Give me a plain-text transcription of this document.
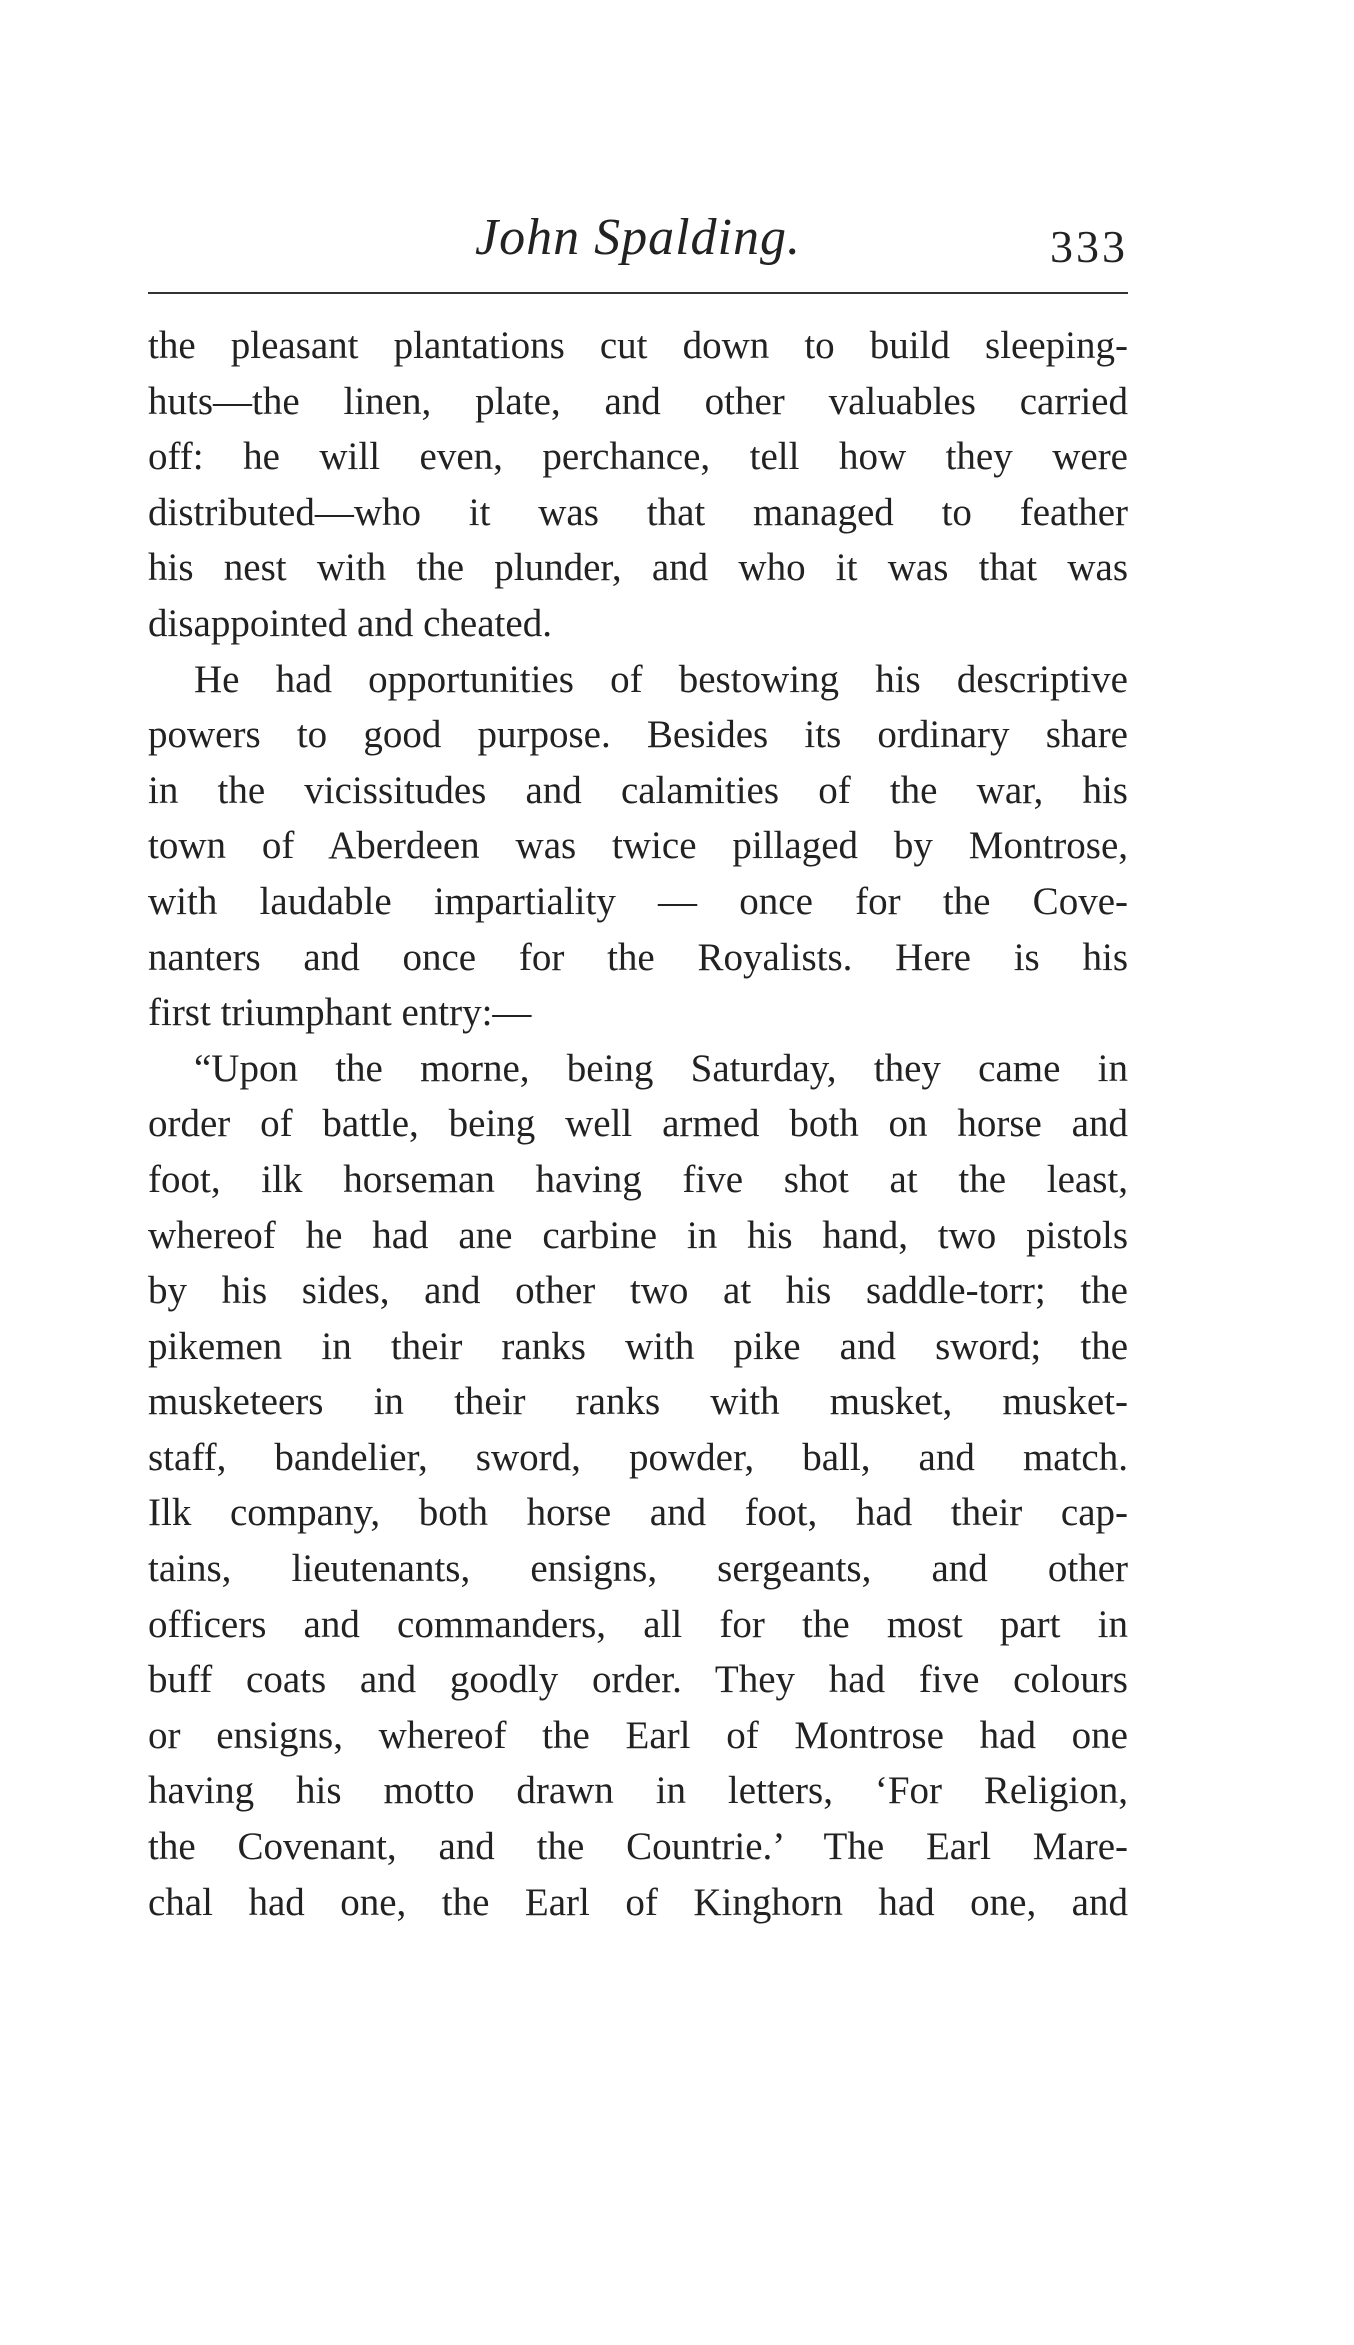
John Spalding.	333
the pleasant plantations cut down to build sleeping-
huts—the linen, plate, and other valuables carried
off: he will even, perchance, tell how they were
distributed—who it was that managed to feather
his nest with the plunder, and who it was that was
disappointed and cheated.
He had opportunities of bestowing his descriptive
powers to good purpose. Besides its ordinary share
in the vicissitudes and calamities of the war, his
town of Aberdeen was twice pillaged by Montrose,
with laudable impartiality — once for the Cove-
nanters and once for the Royalists. Here is his
first triumphant entry:—
“Upon the morne, being Saturday, they came in
order of battle, being well armed both on horse and
foot, ilk horseman having five shot at the least,
whereof he had ane carbine in his hand, two pistols
by his sides, and other two at his saddle-torr; the
pikemen in their ranks with pike and sword; the
musketeers in their ranks with musket, musket-
staff, bandelier, sword, powder, ball, and match.
Ilk company, both horse and foot, had their cap-
tains, lieutenants, ensigns, sergeants, and other
officers and commanders, all for the most part in
buff coats and goodly order. They had five colours
or ensigns, whereof the Earl of Montrose had one
having his motto drawn in letters, ‘For Religion,
the Covenant, and the Countrie.’ The Earl Mare-
chal had one, the Earl of Kinghorn had one, and
